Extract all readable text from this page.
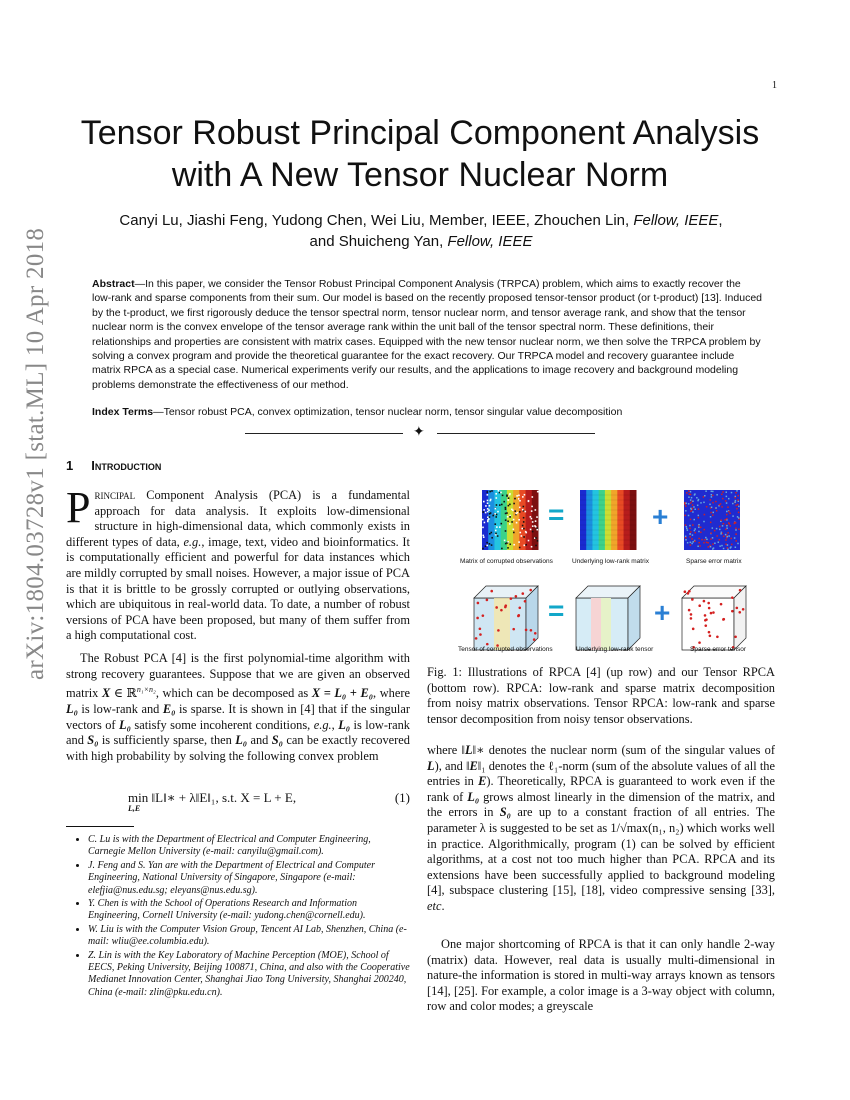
1
arXiv:1804.03728v1 [stat.ML] 10 Apr 2018
Tensor Robust Principal Component Analysis
with A New Tensor Nuclear Norm
Canyi Lu, Jiashi Feng, Yudong Chen, Wei Liu, Member, IEEE, Zhouchen Lin, Fellow, IEEE,
and Shuicheng Yan, Fellow, IEEE
Abstract—In this paper, we consider the Tensor Robust Principal Component Analysis (TRPCA) problem, which aims to exactly recover the low-rank and sparse components from their sum. Our model is based on the recently proposed tensor-tensor product (or t-product) [13]. Induced by the t-product, we first rigorously deduce the tensor spectral norm, tensor nuclear norm, and tensor average rank, and show that the tensor nuclear norm is the convex envelope of the tensor average rank within the unit ball of the tensor spectral norm. These definitions, their relationships and properties are consistent with matrix cases. Equipped with the new tensor nuclear norm, we then solve the TRPCA problem by solving a convex program and provide the theoretical guarantee for the exact recovery. Our TRPCA model and recovery guarantee include matrix RPCA as a special case. Numerical experiments verify our results, and the applications to image recovery and background modeling problems demonstrate the effectiveness of our method.
Index Terms—Tensor robust PCA, convex optimization, tensor nuclear norm, tensor singular value decomposition
✦
1 Introduction
Principal Component Analysis (PCA) is a fundamental approach for data analysis. It exploits low-dimensional structure in high-dimensional data, which commonly exists in different types of data, e.g., image, text, video and bioinformatics. It is computationally efficient and powerful for data instances which are mildly corrupted by small noises. However, a major issue of PCA is that it is brittle to be grossly corrupted or outlying observations, which are ubiquitous in real-world data. To date, a number of robust versions of PCA have been proposed, but many of them suffer from a high computational cost.
The Robust PCA [4] is the first polynomial-time algorithm with strong recovery guarantees. Suppose that we are given an observed matrix X ∈ ℝ$^{n_1\times n_2}$, which can be decomposed as X = L₀ + E₀, where L₀ is low-rank and E₀ is sparse. It is shown in [4] that if the singular vectors of L₀ satisfy some incoherent conditions, e.g., L₀ is low-rank and S₀ is sufficiently sparse, then L₀ and S₀ can be exactly recovered with high probability by solving the following convex problem
min ‖L‖∗ + λ‖E‖₁, s.t. X = L + E,
L,E
(1)
• C. Lu is with the Department of Electrical and Computer Engineering, Carnegie Mellon University (e-mail: canyilu@gmail.com).
• J. Feng and S. Yan are with the Department of Electrical and Computer Engineering, National University of Singapore, Singapore (e-mail: elefjia@nus.edu.sg; eleyans@nus.edu.sg).
• Y. Chen is with the School of Operations Research and Information Engineering, Cornell University (e-mail: yudong.chen@cornell.edu).
• W. Liu is with the Computer Vision Group, Tencent AI Lab, Shenzhen, China (e-mail: wliu@ee.columbia.edu).
• Z. Lin is with the Key Laboratory of Machine Perception (MOE), School of EECS, Peking University, Beijing 100871, China, and also with the Cooperative Medianet Innovation Center, Shanghai Jiao Tong University, Shanghai 200240, China (e-mail: zlin@pku.edu.cn).
=
=
+
+
Matrix of corrupted observations	Underlying low-rank matrix	Sparse error matrix
Tensor of corrupted observations	Underlying low-rank tensor	Sparse error tensor
Fig. 1: Illustrations of RPCA [4] (up row) and our Tensor RPCA (bottom row). RPCA: low-rank and sparse matrix decomposition from noisy matrix observations. Tensor RPCA: low-rank and sparse tensor decomposition from noisy tensor observations.
where ‖L‖∗ denotes the nuclear norm (sum of the singular values of L), and ‖E‖₁ denotes the ℓ₁-norm (sum of the absolute values of all the entries in E). Theoretically, RPCA is guaranteed to work even if the rank of L₀ grows almost linearly in the dimension of the matrix, and the errors in S₀ are up to a constant fraction of all entries. The parameter λ is suggested to be set as 1/√max(n₁, n₂) which works well in practice. Algorithmically, program (1) can be solved by efficient algorithms, at a cost not too much higher than PCA. RPCA and its extensions have been successfully applied to background modeling [4], subspace clustering [15], [18], video compressive sensing [33], etc.
One major shortcoming of RPCA is that it can only handle 2-way (matrix) data. However, real data is usually multi-dimensional in nature-the information is stored in multi-way arrays known as tensors [14], [25]. For example, a color image is a 3-way object with column, row and color modes; a greyscale
